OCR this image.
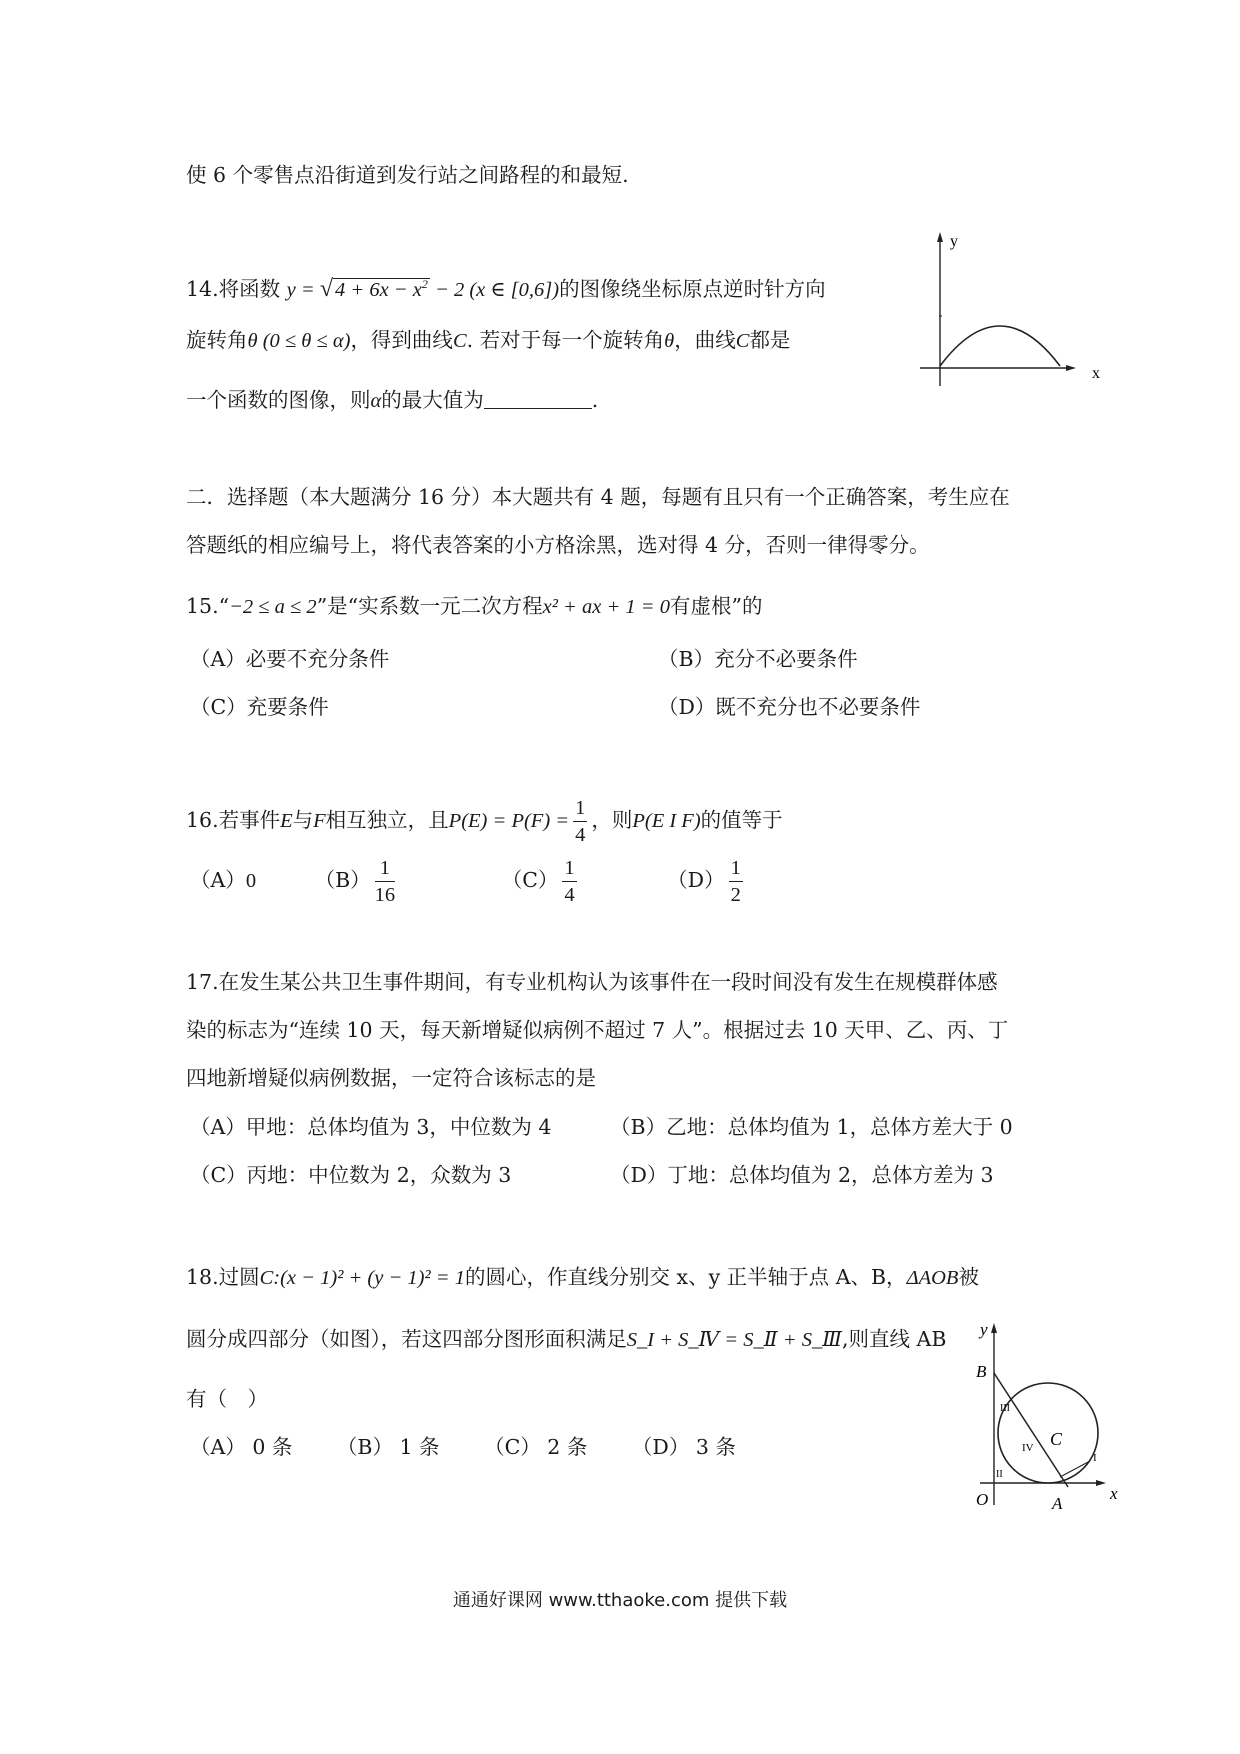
使 6 个零售点沿街道到发行站之间路程的和最短.
14.将函数 $y = √4 + 6x - x^2 - 2$ (x ∈ [0,6])的图像绕坐标原点逆时针方向
旋转角θ (0 ≤ θ ≤ α)，得到曲线C. 若对于每一个旋转角θ，曲线C都是
一个函数的图像，则α的最大值为	.
y
x
二．选择题（本大题满分 16 分）本大题共有 4 题，每题有且只有一个正确答案，考生应在
答题纸的相应编号上，将代表答案的小方格涂黑，选对得 4 分，否则一律得零分。
15.“−2 ≤ a ≤ 2”是“实系数一元二次方程x² + ax + 1 = 0有虚根”的
（A）必要不充分条件	（B）充分不必要条件
（C）充要条件	（D）既不充分也不必要条件
16.若事件E与F相互独立，且$P(E) = P(F) = \frac{1}{4}$ ，则P(E I F)的值等于
（A）0	$(B) \frac{1}{16}$	$(C) \frac{1}{4}$	$(D) \frac{1}{2}$
17.在发生某公共卫生事件期间，有专业机构认为该事件在一段时间没有发生在规模群体感
染的标志为“连续 10 天，每天新增疑似病例不超过 7 人”。根据过去 10 天甲、乙、丙、丁
四地新增疑似病例数据，一定符合该标志的是
（A）甲地：总体均值为 3，中位数为 4	（B）乙地：总体均值为 1，总体方差大于 0
（C）丙地：中位数为 2，众数为 3	（D）丁地：总体均值为 2，总体方差为 3
18.过圆C:(x − 1)² + (y − 1)² = 1的圆心，作直线分别交 x、y 正半轴于点 A、B，ΔAOB被
圆分成四部分（如图），若这四部分图形面积满足S_I + S_Ⅳ = S_Ⅱ + S_Ⅲ,则直线 AB
有（　）
（A） 0 条 （B） 1 条 （C） 2 条 （D） 3 条
y
x
O	A
B
C
I
II
III
IV
通通好课网 www.tthaoke.com 提供下载
